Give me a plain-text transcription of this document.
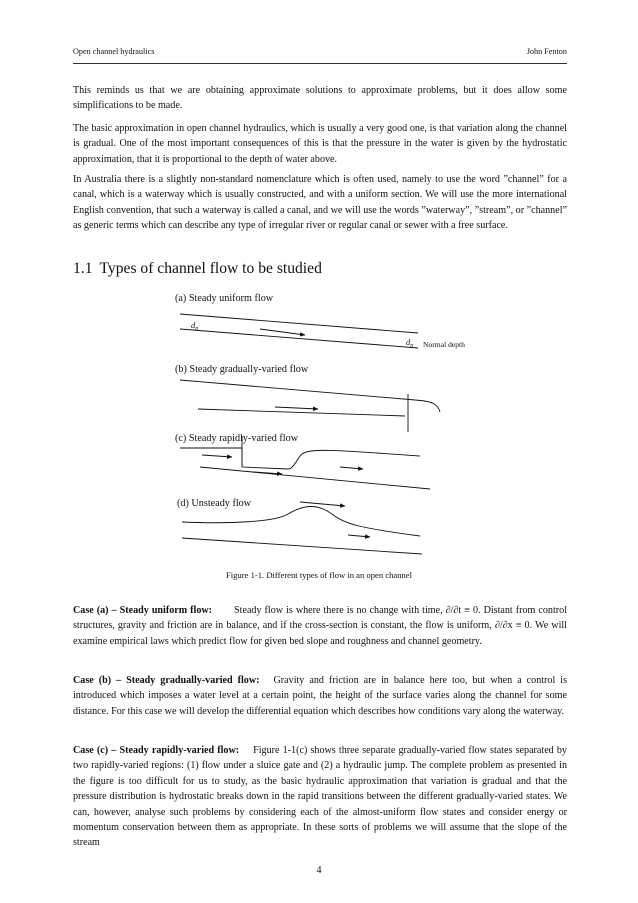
Open channel hydraulics	John Fenton

This reminds us that we are obtaining approximate solutions to approximate problems, but it does allow some simplifications to be made.

The basic approximation in open channel hydraulics, which is usually a very good one, is that variation along the channel is gradual. One of the most important consequences of this is that the pressure in the water is given by the hydrostatic approximation, that it is proportional to the depth of water above.

In Australia there is a slightly non-standard nomenclature which is often used, namely to use the word ”channel” for a canal, which is a waterway which is usually constructed, and with a uniform section. We will use the more international English convention, that such a waterway is called a canal, and we will use the words ”waterway”, ”stream”, or ”channel” as generic terms which can describe any type of irregular river or regular canal or sewer with a free surface.

1.1 Types of channel flow to be studied
(a) Steady uniform flow
$d_n$
$d_n$ Normal depth
(b) Steady gradually-varied flow
(c) Steady rapidly-varied flow
(d) Unsteady flow
Figure 1-1. Different types of flow in an open channel

Case (a) – Steady uniform flow: Steady flow is where there is no change with time, ∂/∂t ≡ 0. Distant from control structures, gravity and friction are in balance, and if the cross-section is constant, the flow is uniform, ∂/∂x ≡ 0. We will examine empirical laws which predict flow for given bed slope and roughness and channel geometry.

Case (b) – Steady gradually-varied flow: Gravity and friction are in balance here too, but when a control is introduced which imposes a water level at a certain point, the height of the surface varies along the channel for some distance. For this case we will develop the differential equation which describes how conditions vary along the waterway.

Case (c) – Steady rapidly-varied flow: Figure 1-1(c) shows three separate gradually-varied flow states separated by two rapidly-varied regions: (1) flow under a sluice gate and (2) a hydraulic jump. The complete problem as presented in the figure is too difficult for us to study, as the basic hydraulic approximation that variation is gradual and that the pressure distribution is hydrostatic breaks down in the rapid transitions between the different gradually-varied states. We can, however, analyse such problems by considering each of the almost-uniform flow states and consider energy or momentum conservation between them as appropriate. In these sorts of problems we will assume that the slope of the stream

4
